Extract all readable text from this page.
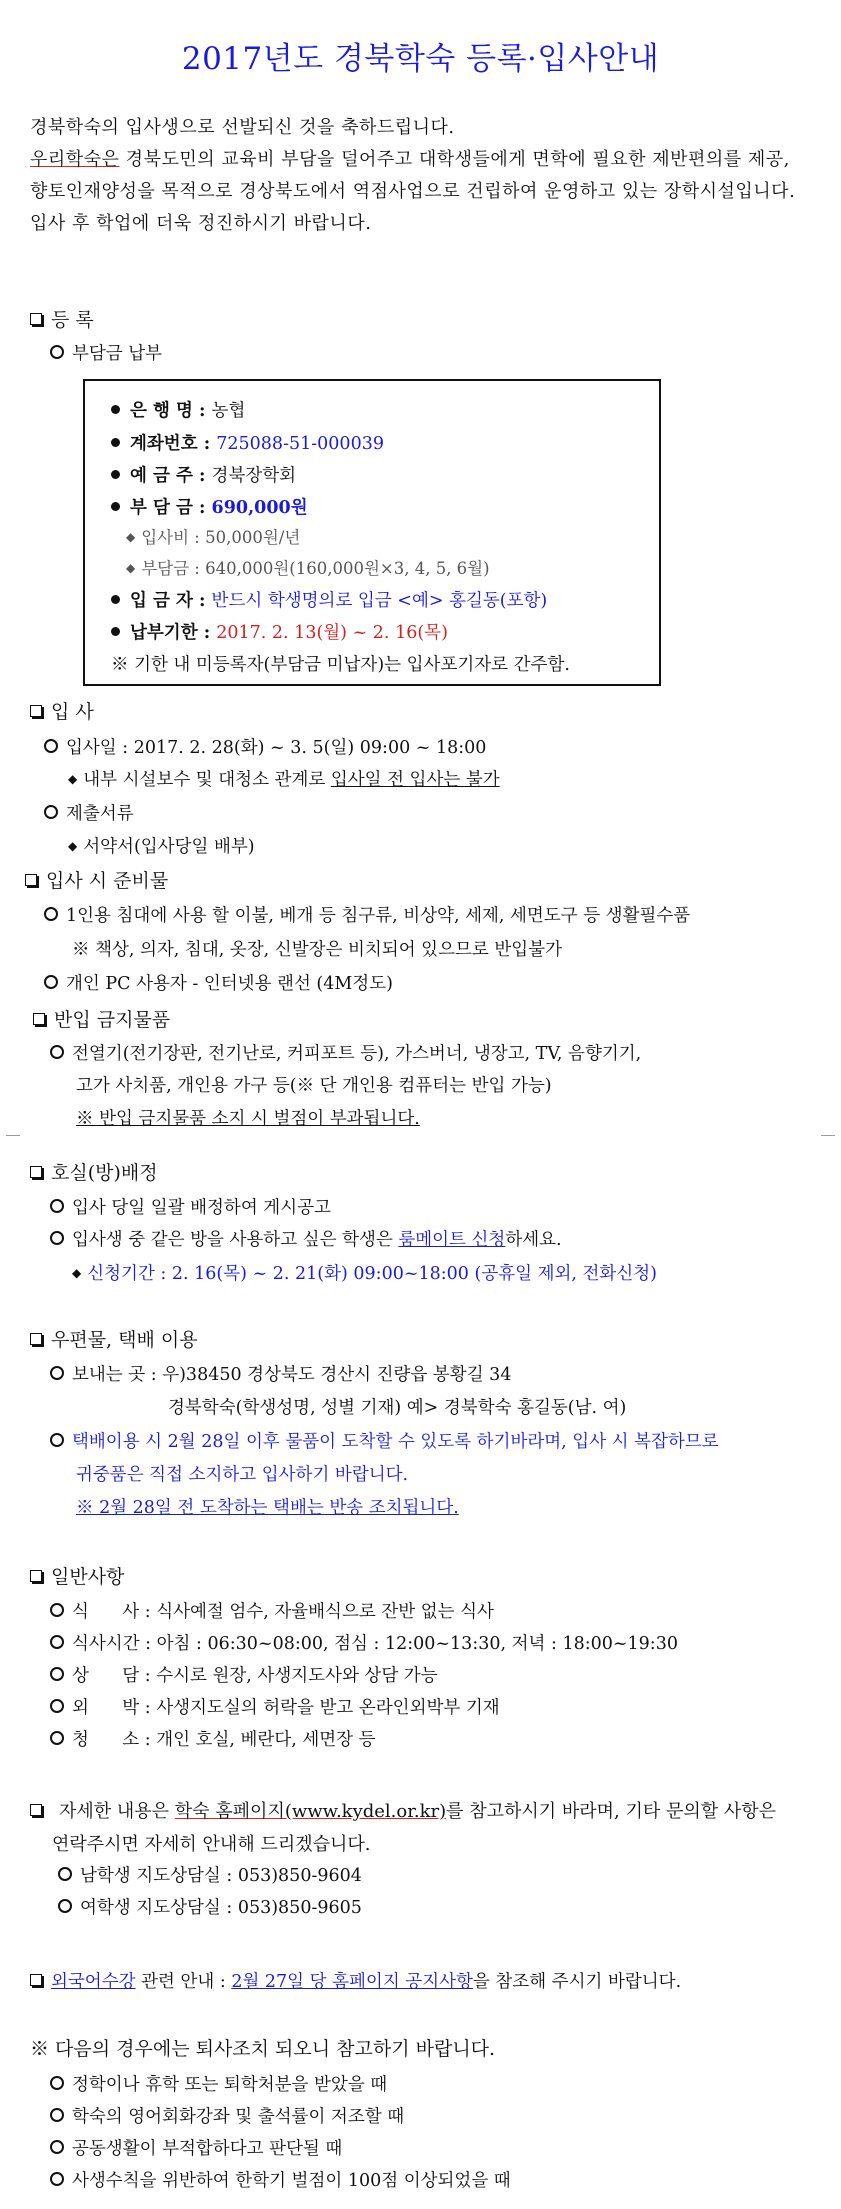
2017년도 경북학숙 등록·입사안내

경북학숙의 입사생으로 선발되신 것을 축하드립니다.

우리학숙은 경북도민의 교육비 부담을 덜어주고 대학생들에게 면학에 필요한 제반편의를 제공, 향토인재양성을 목적으로 경상북도에서 역점사업으로 건립하여 운영하고 있는 장학시설입니다. 입사 후 학업에 더욱 정진하시기 바랍니다.

등 록
부담금 납부
은 행 명 : 농협
계좌번호 : 725088-51-000039
예 금 주 : 경북장학회
부 담 금 : 690,000원
◆ 입사비 : 50,000원/년
◆ 부담금 : 640,000원(160,000원×3, 4, 5, 6월)
입 금 자 : 반드시 학생명의로 입금 <예> 홍길동(포항)
납부기한 : 2017. 2. 13(월) ~ 2. 16(목)
※ 기한 내 미등록자(부담금 미납자)는 입사포기자로 간주함.
입 사
입사일 : 2017. 2. 28(화) ~ 3. 5(일) 09:00 ~ 18:00
◆ 내부 시설보수 및 대청소 관계로 입사일 전 입사는 불가
제출서류
◆ 서약서(입사당일 배부)
입사 시 준비물
1인용 침대에 사용 할 이불, 베개 등 침구류, 비상약, 세제, 세면도구 등 생활필수품
※ 책상, 의자, 침대, 옷장, 신발장은 비치되어 있으므로 반입불가
개인 PC 사용자 - 인터넷용 랜선 (4M정도)
반입 금지물품
전열기(전기장판, 전기난로, 커피포트 등), 가스버너, 냉장고, TV, 음향기기,
고가 사치품, 개인용 가구 등(※ 단 개인용 컴퓨터는 반입 가능)
※ 반입 금지물품 소지 시 벌점이 부과됩니다.
호실(방)배정
입사 당일 일괄 배정하여 게시공고
입사생 중 같은 방을 사용하고 싶은 학생은 룸메이트 신청하세요.
◆ 신청기간 : 2. 16(목) ~ 2. 21(화) 09:00~18:00 (공휴일 제외, 전화신청)
우편물, 택배 이용
보내는 곳 : 우)38450 경상북도 경산시 진량읍 봉황길 34
경북학숙(학생성명, 성별 기재) 예> 경북학숙 홍길동(남. 여)
택배이용 시 2월 28일 이후 물품이 도착할 수 있도록 하기바라며, 입사 시 복잡하므로
귀중품은 직접 소지하고 입사하기 바랍니다.
※ 2월 28일 전 도착하는 택배는 반송 조치됩니다.
일반사항
식      사 : 식사예절 엄수, 자율배식으로 잔반 없는 식사
식사시간 : 아침 : 06:30~08:00, 점심 : 12:00~13:30, 저녁 : 18:00~19:30
상      담 : 수시로 원장, 사생지도사와 상담 가능
외      박 : 사생지도실의 허락을 받고 온라인외박부 기재
청      소 : 개인 호실, 베란다, 세면장 등
자세한 내용은 학숙 홈페이지(www.kydel.or.kr)를 참고하시기 바라며, 기타 문의할 사항은
연락주시면 자세히 안내해 드리겠습니다.
남학생 지도상담실 : 053)850-9604
여학생 지도상담실 : 053)850-9605
외국어수강 관련 안내 : 2월 27일 당 홈페이지 공지사항을 참조해 주시기 바랍니다.
※ 다음의 경우에는 퇴사조치 되오니 참고하기 바랍니다.
정학이나 휴학 또는 퇴학처분을 받았을 때
학숙의 영어회화강좌 및 출석률이 저조할 때
공동생활이 부적합하다고 판단될 때
사생수칙을 위반하여 한학기 벌점이 100점 이상되었을 때
